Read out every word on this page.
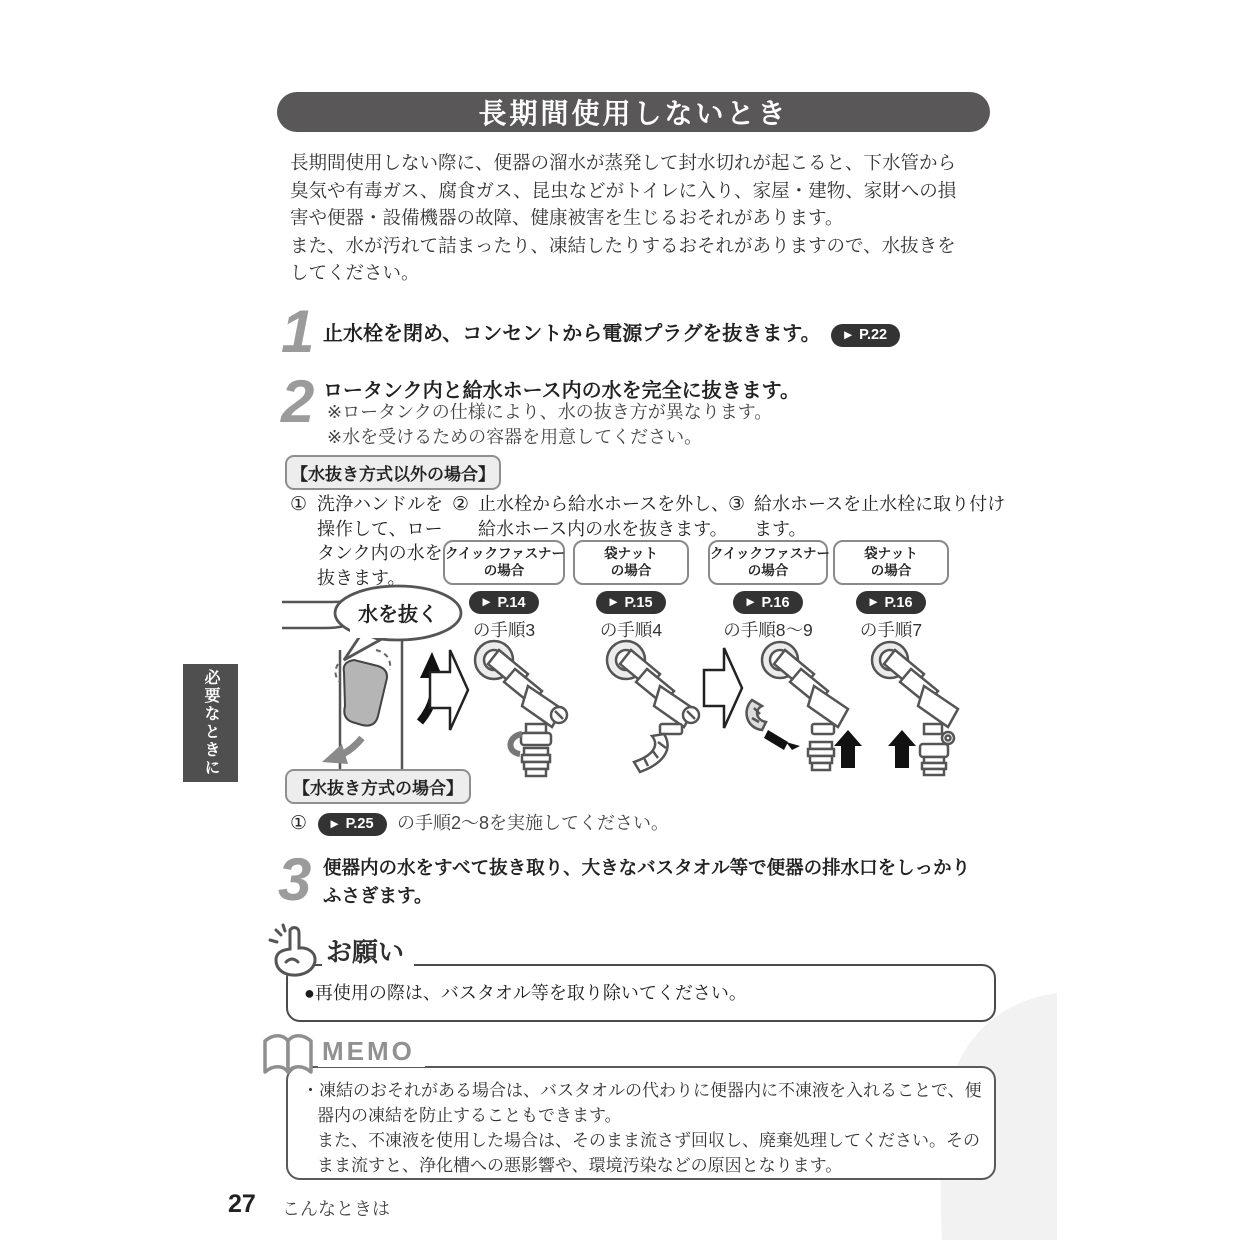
長期間使用しないとき
長期間使用しない際に、便器の溜水が蒸発して封水切れが起こると、下水管から
臭気や有毒ガス、腐食ガス、昆虫などがトイレに入り、家屋・建物、家財への損
害や便器・設備機器の故障、健康被害を生じるおそれがあります。
また、水が汚れて詰まったり、凍結したりするおそれがありますので、水抜きを
してください。
1 止水栓を閉め、コンセントから電源プラグを抜きます。 ▶ P.22
2 ロータンク内と給水ホース内の水を完全に抜きます。
※ロータンクの仕様により、水の抜き方が異なります。
※水を受けるための容器を用意してください。
【水抜き方式以外の場合】
① 洗浄ハンドルを
操作して、ロー
タンク内の水を
抜きます。
② 止水栓から給水ホースを外し、
給水ホース内の水を抜きます。
③ 給水ホースを止水栓に取り付け
ます。
クイックファスナー
の場合
▶ P.14
の手順3
袋ナット
の場合
▶ P.15
の手順4
クイックファスナー
の場合
▶ P.16
の手順8〜9
袋ナット
の場合
▶ P.16
の手順7
水を抜く
必要なときに
【水抜き方式の場合】
① ▶ P.25 の手順2〜8を実施してください。
3 便器内の水をすべて抜き取り、大きなバスタオル等で便器の排水口をしっかり
ふさぎます。
お願い
●再使用の際は、バスタオル等を取り除いてください。
MEMO
・凍結のおそれがある場合は、バスタオルの代わりに便器内に不凍液を入れることで、便
器内の凍結を防止することもできます。
また、不凍液を使用した場合は、そのまま流さず回収し、廃棄処理してください。その
まま流すと、浄化槽への悪影響や、環境汚染などの原因となります。
27 こんなときは
